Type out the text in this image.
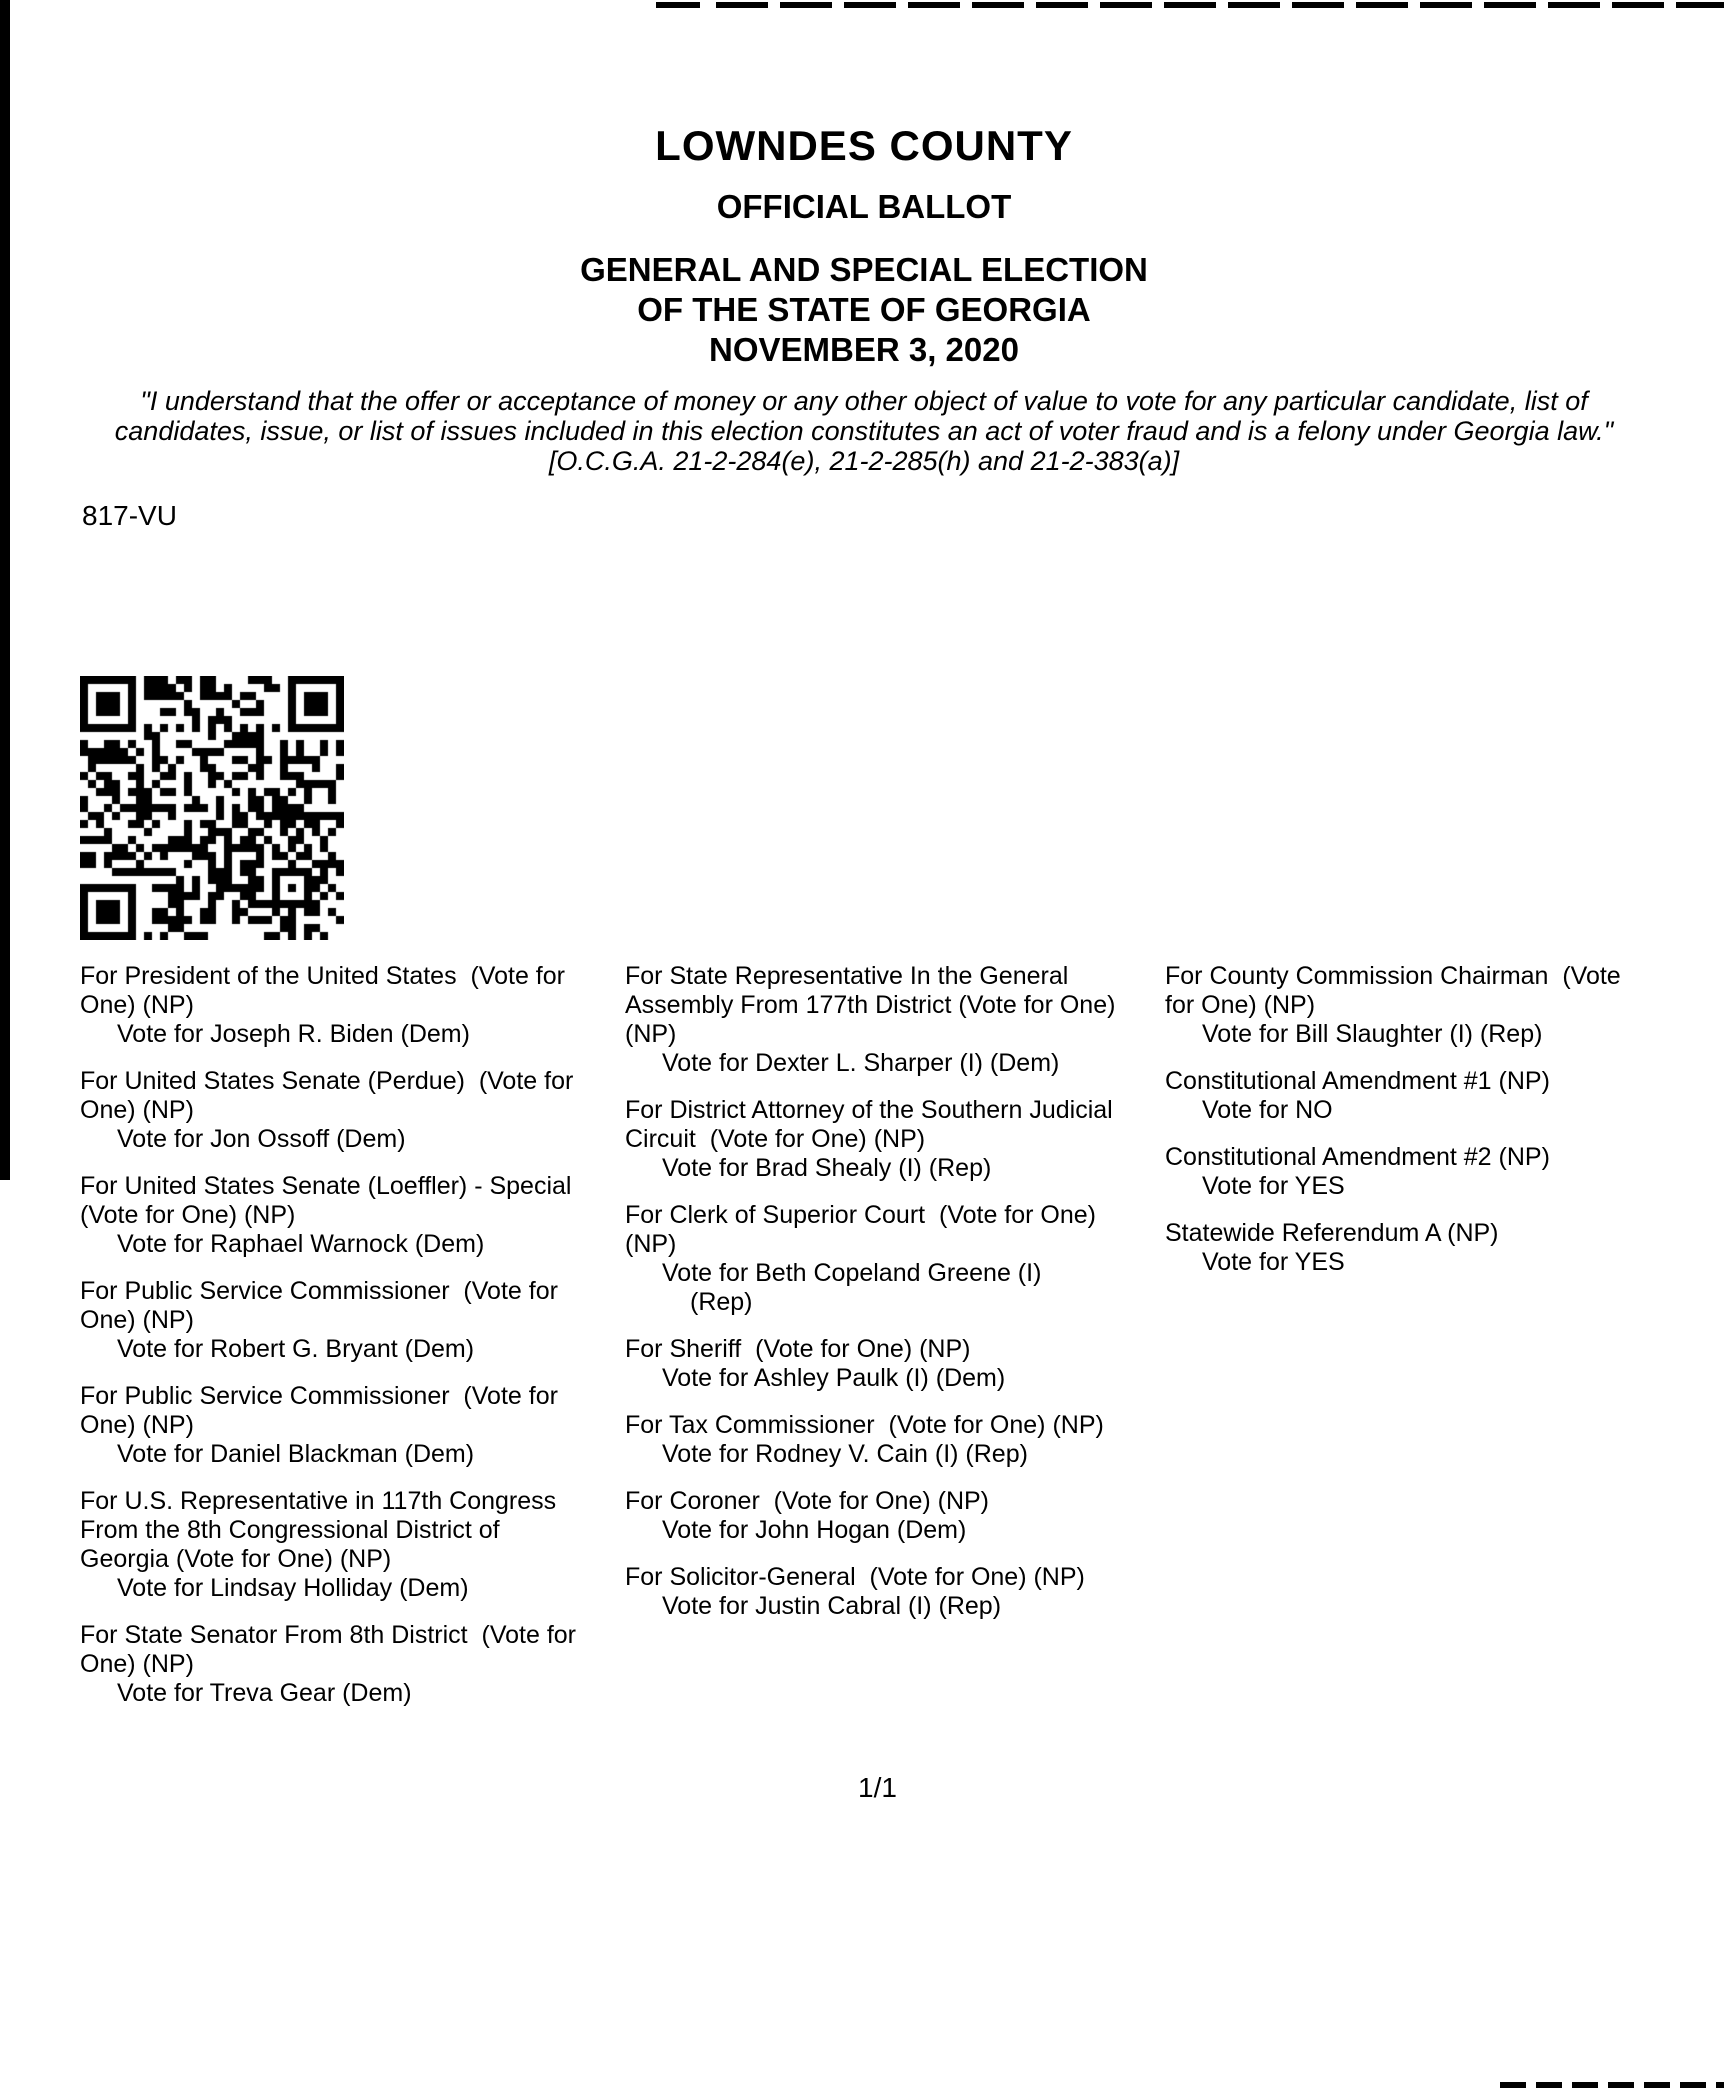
LOWNDES COUNTY
OFFICIAL BALLOT
GENERAL AND SPECIAL ELECTION
OF THE STATE OF GEORGIA
NOVEMBER 3, 2020
"I understand that the offer or acceptance of money or any other object of value to vote for any particular candidate, list of candidates, issue, or list of issues included in this election constitutes an act of voter fraud and is a felony under Georgia law." [O.C.G.A. 21-2-284(e), 21-2-285(h) and 21-2-383(a)]
817-VU
For President of the United States  (Vote for One) (NP)
Vote for Joseph R. Biden (Dem)
For United States Senate (Perdue)  (Vote for One) (NP)
Vote for Jon Ossoff (Dem)
For United States Senate (Loeffler) - Special  (Vote for One) (NP)
Vote for Raphael Warnock (Dem)
For Public Service Commissioner  (Vote for One) (NP)
Vote for Robert G. Bryant (Dem)
For Public Service Commissioner  (Vote for One) (NP)
Vote for Daniel Blackman (Dem)
For U.S. Representative in 117th Congress From the 8th Congressional District of Georgia (Vote for One) (NP)
Vote for Lindsay Holliday (Dem)
For State Senator From 8th District  (Vote for One) (NP)
Vote for Treva Gear (Dem)
For State Representative In the General Assembly From 177th District (Vote for One) (NP)
Vote for Dexter L. Sharper (I) (Dem)
For District Attorney of the Southern Judicial Circuit  (Vote for One) (NP)
Vote for Brad Shealy (I) (Rep)
For Clerk of Superior Court  (Vote for One) (NP)
Vote for Beth Copeland Greene (I) (Rep)
For Sheriff  (Vote for One) (NP)
Vote for Ashley Paulk (I) (Dem)
For Tax Commissioner  (Vote for One) (NP)
Vote for Rodney V. Cain (I) (Rep)
For Coroner  (Vote for One) (NP)
Vote for John Hogan (Dem)
For Solicitor-General  (Vote for One) (NP)
Vote for Justin Cabral (I) (Rep)
For County Commission Chairman  (Vote for One) (NP)
Vote for Bill Slaughter (I) (Rep)
Constitutional Amendment #1 (NP)
Vote for NO
Constitutional Amendment #2 (NP)
Vote for YES
Statewide Referendum A (NP)
Vote for YES
1/1
